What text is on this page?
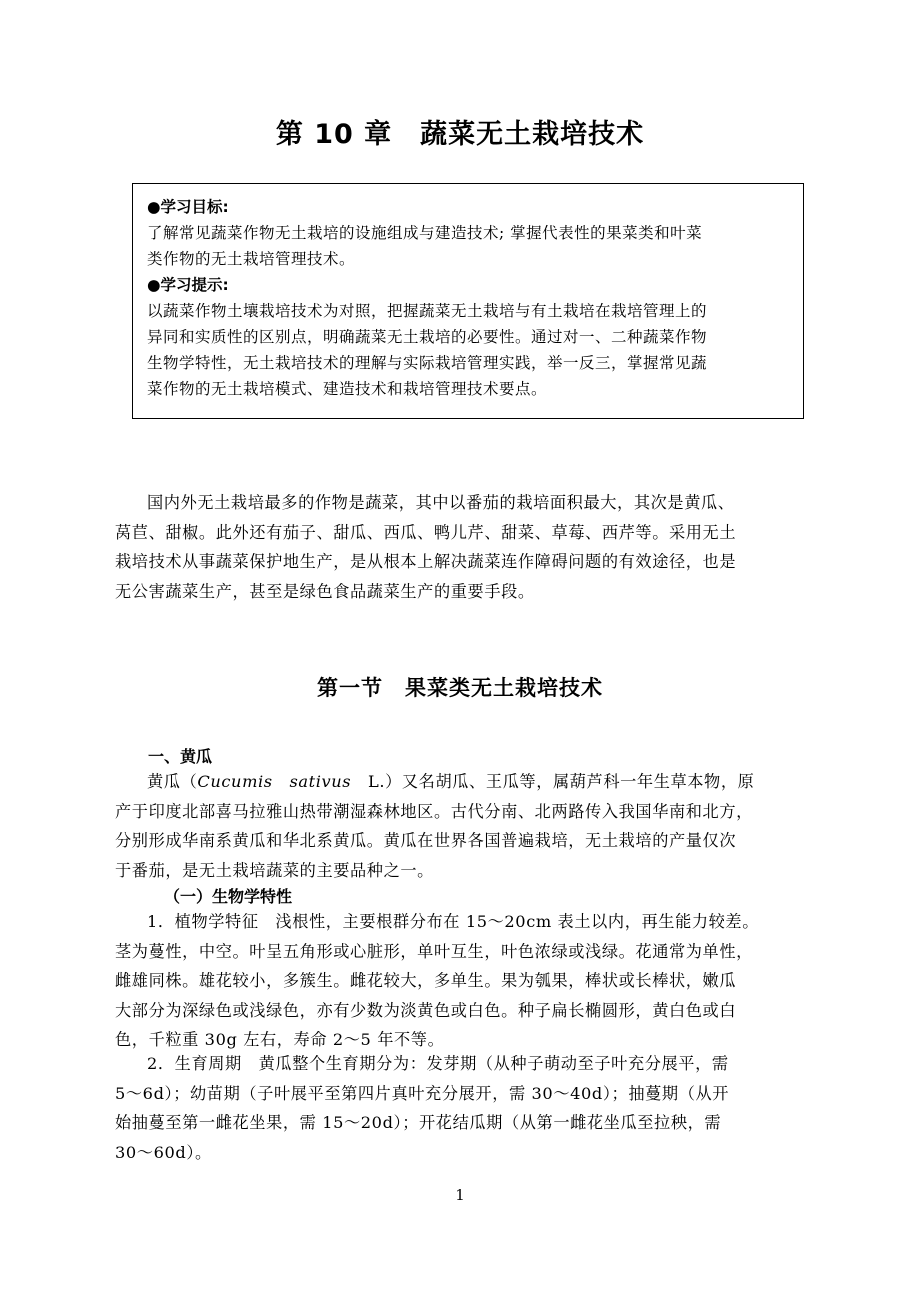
第 10 章　蔬菜无土栽培技术
●学习目标:
了解常见蔬菜作物无土栽培的设施组成与建造技术; 掌握代表性的果菜类和叶菜
类作物的无土栽培管理技术。
●学习提示:
以蔬菜作物土壤栽培技术为对照，把握蔬菜无土栽培与有土栽培在栽培管理上的
异同和实质性的区别点，明确蔬菜无土栽培的必要性。通过对一、二种蔬菜作物
生物学特性，无土栽培技术的理解与实际栽培管理实践，举一反三，掌握常见蔬
菜作物的无土栽培模式、建造技术和栽培管理技术要点。
国内外无土栽培最多的作物是蔬菜，其中以番茄的栽培面积最大，其次是黄瓜、
莴苣、甜椒。此外还有茄子、甜瓜、西瓜、鸭儿芹、甜菜、草莓、西芹等。采用无土
栽培技术从事蔬菜保护地生产，是从根本上解决蔬菜连作障碍问题的有效途径，也是
无公害蔬菜生产，甚至是绿色食品蔬菜生产的重要手段。
第一节　果菜类无土栽培技术
一、黄瓜
黄瓜（Cucumis　sativus　L.）又名胡瓜、王瓜等，属葫芦科一年生草本物，原
产于印度北部喜马拉雅山热带潮湿森林地区。古代分南、北两路传入我国华南和北方，
分别形成华南系黄瓜和华北系黄瓜。黄瓜在世界各国普遍栽培，无土栽培的产量仅次
于番茄，是无土栽培蔬菜的主要品种之一。
（一）生物学特性
1．植物学特征　浅根性，主要根群分布在 15～20cm 表土以内，再生能力较差。
茎为蔓性，中空。叶呈五角形或心脏形，单叶互生，叶色浓绿或浅绿。花通常为单性，
雌雄同株。雄花较小，多簇生。雌花较大，多单生。果为瓠果，棒状或长棒状，嫩瓜
大部分为深绿色或浅绿色，亦有少数为淡黄色或白色。种子扁长椭圆形，黄白色或白
色，千粒重 30g 左右，寿命 2～5 年不等。
2．生育周期　黄瓜整个生育期分为：发芽期（从种子萌动至子叶充分展平，需
5～6d）；幼苗期（子叶展平至第四片真叶充分展开，需 30～40d）；抽蔓期（从开
始抽蔓至第一雌花坐果，需 15～20d）；开花结瓜期（从第一雌花坐瓜至拉秧，需
30～60d）。
1
